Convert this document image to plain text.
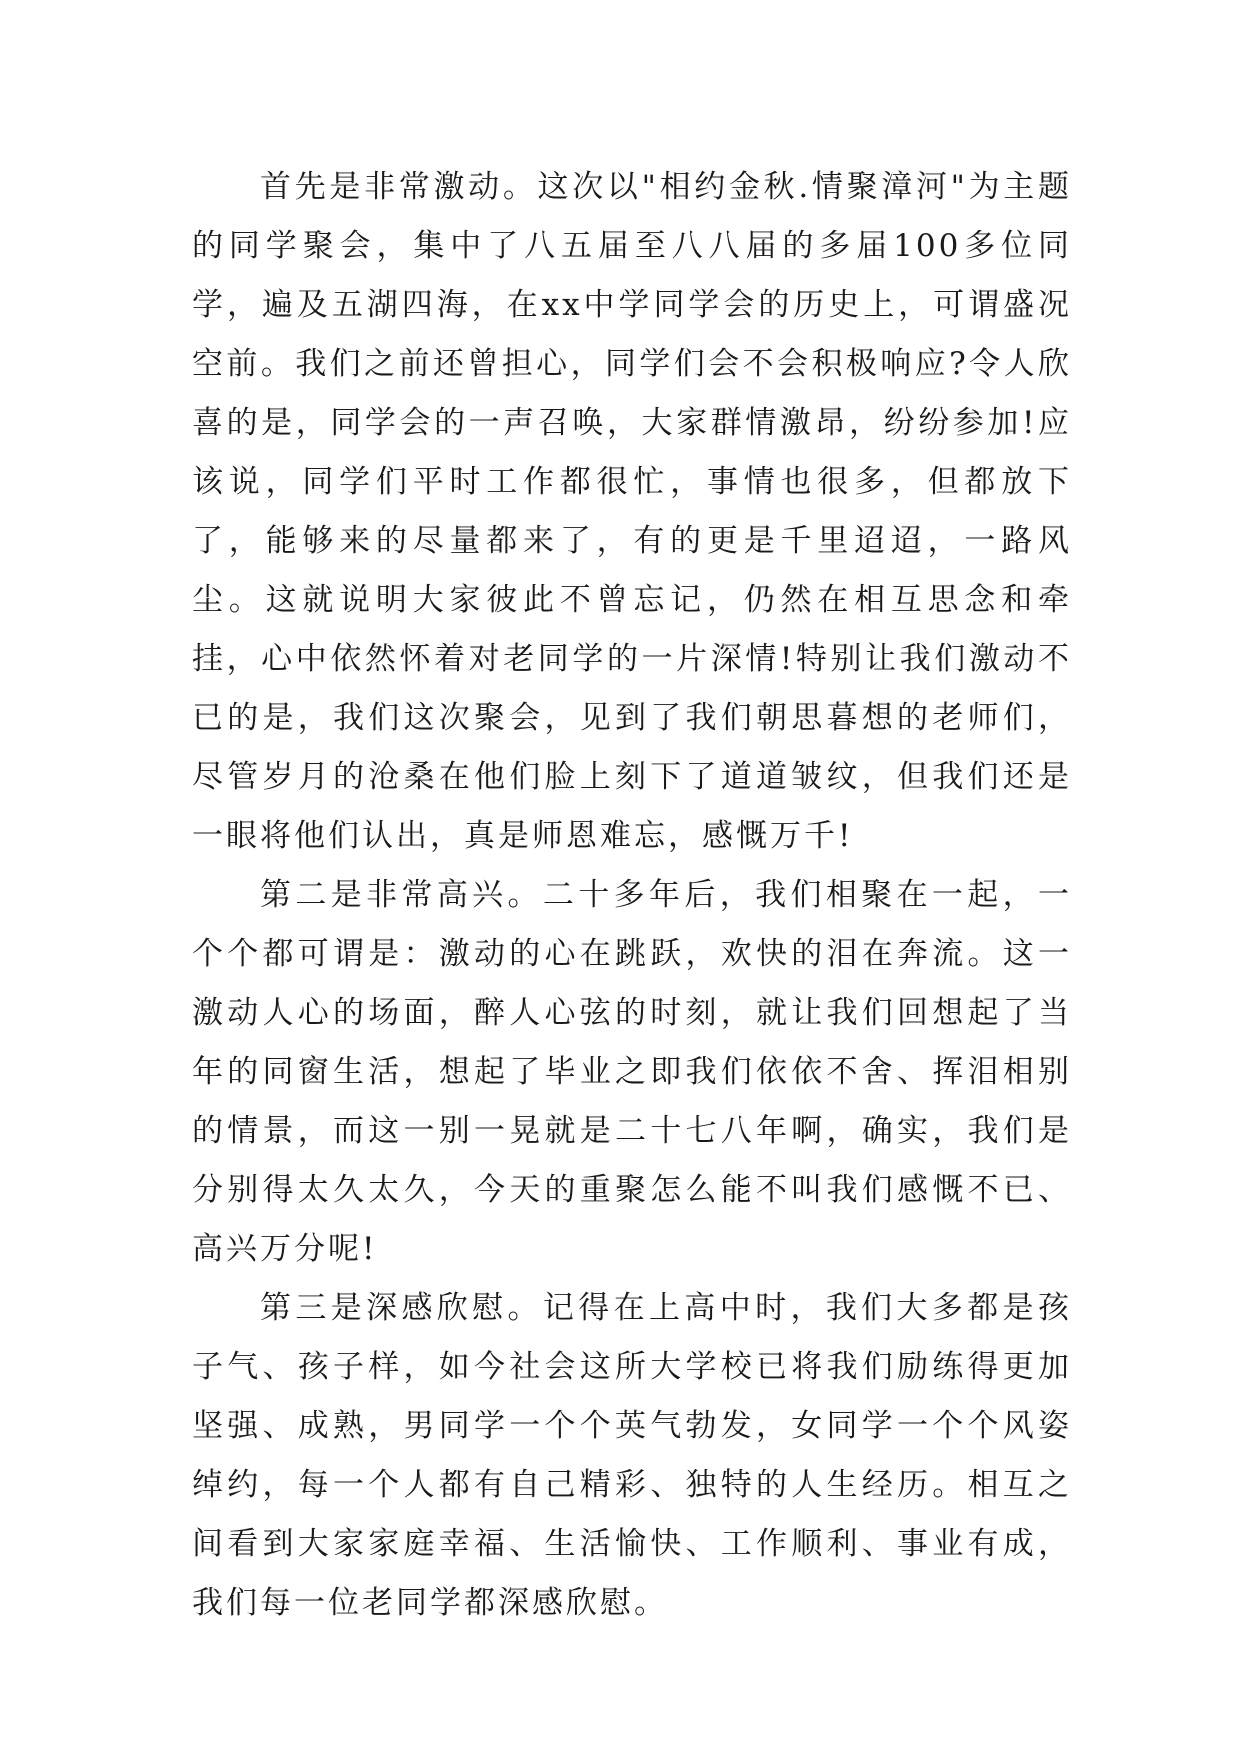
首先是非常激动。这次以"相约金秋.情聚漳河"为主题的同学聚会，集中了八五届至八八届的多届100多位同学，遍及五湖四海，在xx中学同学会的历史上，可谓盛况空前。我们之前还曾担心，同学们会不会积极响应?令人欣喜的是，同学会的一声召唤，大家群情激昂，纷纷参加!应该说，同学们平时工作都很忙，事情也很多，但都放下了，能够来的尽量都来了，有的更是千里迢迢，一路风尘。这就说明大家彼此不曾忘记，仍然在相互思念和牵挂，心中依然怀着对老同学的一片深情!特别让我们激动不已的是，我们这次聚会，见到了我们朝思暮想的老师们，尽管岁月的沧桑在他们脸上刻下了道道皱纹，但我们还是一眼将他们认出，真是师恩难忘，感慨万千!

第二是非常高兴。二十多年后，我们相聚在一起，一个个都可谓是：激动的心在跳跃，欢快的泪在奔流。这一激动人心的场面，醉人心弦的时刻，就让我们回想起了当年的同窗生活，想起了毕业之即我们依依不舍、挥泪相别的情景，而这一别一晃就是二十七八年啊，确实，我们是分别得太久太久，今天的重聚怎么能不叫我们感慨不已、高兴万分呢!

第三是深感欣慰。记得在上高中时，我们大多都是孩子气、孩子样，如今社会这所大学校已将我们励练得更加坚强、成熟，男同学一个个英气勃发，女同学一个个风姿绰约，每一个人都有自己精彩、独特的人生经历。相互之间看到大家家庭幸福、生活愉快、工作顺利、事业有成，我们每一位老同学都深感欣慰。
